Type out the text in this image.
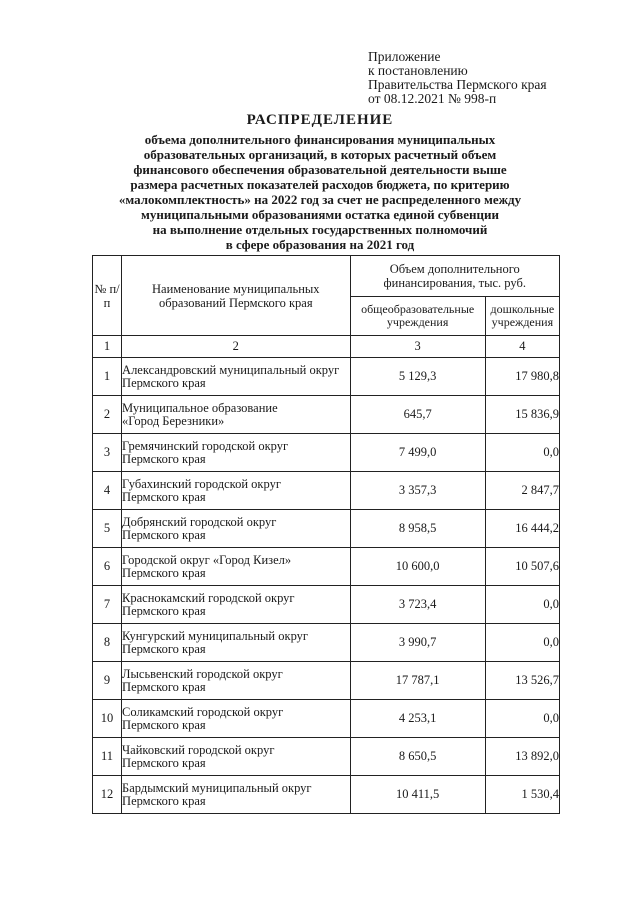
Приложение
к постановлению
Правительства Пермского края
от 08.12.2021 № 998-п
РАСПРЕДЕЛЕНИЕ
объема дополнительного финансирования муниципальных
образовательных организаций, в которых расчетный объем
финансового обеспечения образовательной деятельности выше
размера расчетных показателей расходов бюджета, по критерию
«малокомплектность» на 2022 год за счет не распределенного между
муниципальными образованиями остатка единой субвенции
на выполнение отдельных государственных полномочий
в сфере образования на 2021 год
№ п/п	Наименование муниципальных образований Пермского края	Объем дополнительного финансирования, тыс. руб.	
		общеобразовательные учреждения	дошкольные учреждения
1	2	3	4
1	Александровский муниципальный округ
Пермского края	5 129,3	17 980,8
2	Муниципальное образование
«Город Березники»	645,7	15 836,9
3	Гремячинский городской округ
Пермского края	7 499,0	0,0
4	Губахинский городской округ
Пермского края	3 357,3	2 847,7
5	Добрянский городской округ
Пермского края	8 958,5	16 444,2
6	Городской округ «Город Кизел»
Пермского края	10 600,0	10 507,6
7	Краснокамский городской округ
Пермского края	3 723,4	0,0
8	Кунгурский муниципальный округ
Пермского края	3 990,7	0,0
9	Лысьвенский городской округ
Пермского края	17 787,1	13 526,7
10	Соликамский городской округ
Пермского края	4 253,1	0,0
11	Чайковский городской округ
Пермского края	8 650,5	13 892,0
12	Бардымский муниципальный округ
Пермского края	10 411,5	1 530,4
